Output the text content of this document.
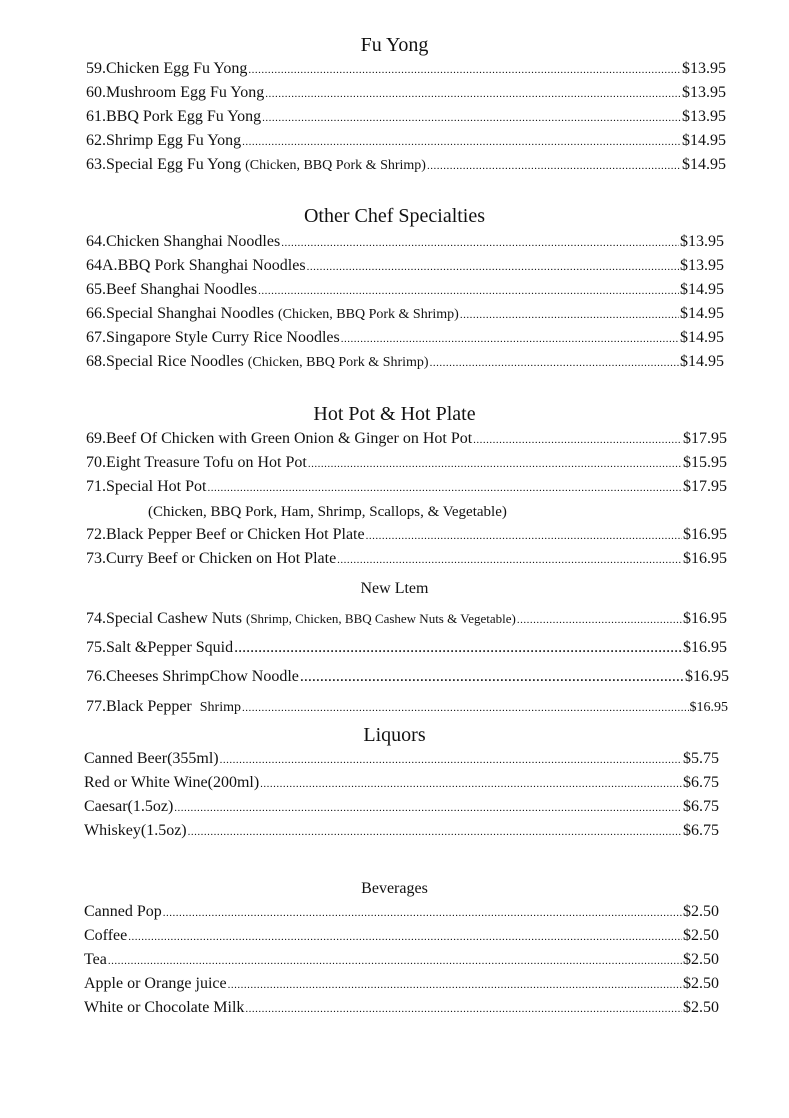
Fu Yong
59. Chicken Egg Fu Yong .....	$13.95
60. Mushroom Egg Fu Yong .....	$13.95
61. BBQ Pork Egg Fu Yong .....	$13.95
62. Shrimp Egg Fu Yong .....	$14.95
63. Special Egg Fu Yong
(Chicken, BBQ Pork & Shrimp) .....	$14.95
Other Chef Specialties
64. Chicken Shanghai Noodles .....	$13.95
64A. BBQ Pork Shanghai Noodles .....	$13.95
65. Beef Shanghai Noodles .....	$14.95
66. Special Shanghai Noodles
(Chicken, BBQ Pork & Shrimp) .....	$14.95
67. Singapore Style Curry Rice Noodles .....	$14.95
68. Special Rice Noodles
(Chicken, BBQ Pork & Shrimp) .....	$14.95
Hot Pot & Hot Plate
69. Beef Of Chicken with Green Onion & Ginger on Hot Pot .....	$17.95
70. Eight Treasure Tofu on Hot Pot .....	$15.95
71. Special Hot Pot .....	$17.95
(Chicken, BBQ Pork, Ham, Shrimp, Scallops, & Vegetable)
72. Black Pepper Beef or Chicken Hot Plate .....	$16.95
73. Curry Beef or Chicken on Hot Plate .....	$16.95
New Ltem
74. Special Cashew Nuts
(Shrimp, Chicken, BBQ Cashew Nuts & Vegetable) .....	$16.95
75. Salt &Pepper Squid .....	$16.95
76. Cheeses ShrimpChow Noodle .....	$16.95
77. Black Pepper
Shrimp .....	$16.95
Liquors
Canned Beer(355ml) .....	$5.75
Red or White Wine(200ml) .....	$6.75
Caesar(1.5oz) .....	$6.75
Whiskey(1.5oz) .....	$6.75
Beverages
Canned Pop .....	$2.50
Coffee .....	$2.50
Tea .....	$2.50
Apple or Orange juice .....	$2.50
White or Chocolate Milk .....	$2.50
